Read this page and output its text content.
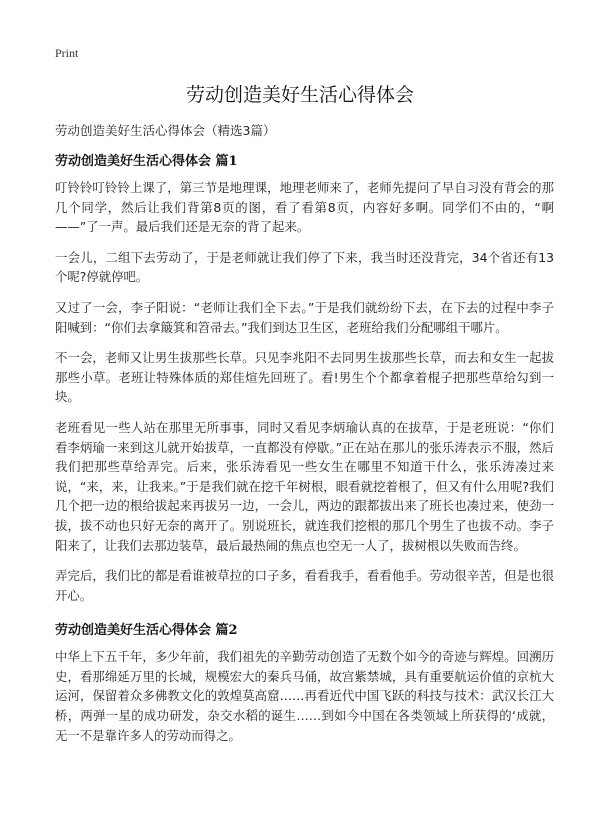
Print
劳动创造美好生活心得体会
劳动创造美好生活心得体会（精选3篇）
劳动创造美好生活心得体会 篇1

叮铃铃叮铃铃上课了，第三节是地理课，地理老师来了，老师先提问了早自习没有背会的那几个同学，然后让我们背第8页的图，看了看第8页，内容好多啊。同学们不由的，“啊——”了一声。最后我们还是无奈的背了起来。

一会儿，二组下去劳动了，于是老师就让我们停了下来，我当时还没背完，34个省还有13个呢?停就停吧。

又过了一会，李子阳说：“老师让我们全下去。”于是我们就纷纷下去，在下去的过程中李子阳喊到：“你们去拿簸箕和笤帚去。”我们到达卫生区，老班给我们分配哪组干哪片。

不一会，老师又让男生拔那些长草。只见李兆阳不去同男生拔那些长草，而去和女生一起拔那些小草。老班让特殊体质的郑佳煊先回班了。看!男生个个都拿着棍子把那些草给勾到一块。

老班看见一些人站在那里无所事事，同时又看见李炳瑜认真的在拔草，于是老班说：“你们看李炳瑜一来到这儿就开始拔草，一直都没有停歇。”正在站在那儿的张乐涛表示不服，然后我们把那些草给弄完。后来，张乐涛看见一些女生在哪里不知道干什么，张乐涛凑过来说，“来，来，让我来。”于是我们就在挖千年树根，眼看就挖着根了，但又有什么用呢?我们几个把一边的根给拔起来再拔另一边，一会儿，两边的跟都拔出来了班长也凑过来，使劲一拔，拔不动也只好无奈的离开了。别说班长，就连我们挖根的那几个男生了也拔不动。李子阳来了，让我们去那边装草，最后最热闹的焦点也空无一人了，拔树根以失败而告终。

弄完后，我们比的都是看谁被草拉的口子多，看看我手，看看他手。劳动很辛苦，但是也很开心。

劳动创造美好生活心得体会 篇2

中华上下五千年，多少年前，我们祖先的辛勤劳动创造了无数个如今的奇迹与辉煌。回溯历史，看那绵延万里的长城，规模宏大的秦兵马俑，故宫紫禁城，具有重要航运价值的京杭大运河，保留着众多佛教文化的敦煌莫高窟……再看近代中国飞跃的科技与技术：武汉长江大桥，两弹一星的成功研发，杂交水稻的诞生……到如今中国在各类领域上所获得的‘成就，无一不是靠许多人的劳动而得之。
